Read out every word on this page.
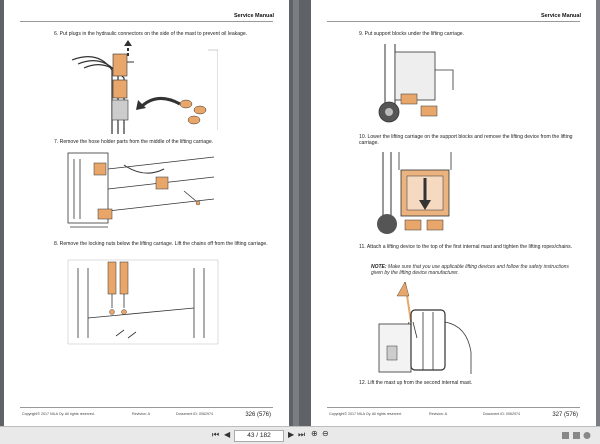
Service Manual
6. Put plugs in the hydraulic connectors on the side of the mast to prevent oil leakage.
7. Remove the hose holder parts from the middle of the lifting carriage.
8. Remove the locking nuts below the lifting carriage. Lift the chains off from the lifting carriage.
Copyright© 2017 NILA Oy. All rights reserved.	Revision: A	Document ID: 0062974	326 (576)
Service Manual
9. Put support blocks under the lifting carriage.
10. Lower the lifting carriage on the support blocks and remove the lifting device from the lifting carriage.
11. Attach a lifting device to the top of the first internal mast and tighten the lifting ropes/chains.
NOTE: Make sure that you use applicable lifting devices and follow the safety instructions given by the lifting device manufacturer.
12. Lift the mast up from the second internal mast.
Copyright© 2017 NILA Oy. All rights reserved.	Revision: A	Document ID: 0062974	327 (576)
⏮ ◀	43 / 182	▶ ⏭ ⊕ ⊖
